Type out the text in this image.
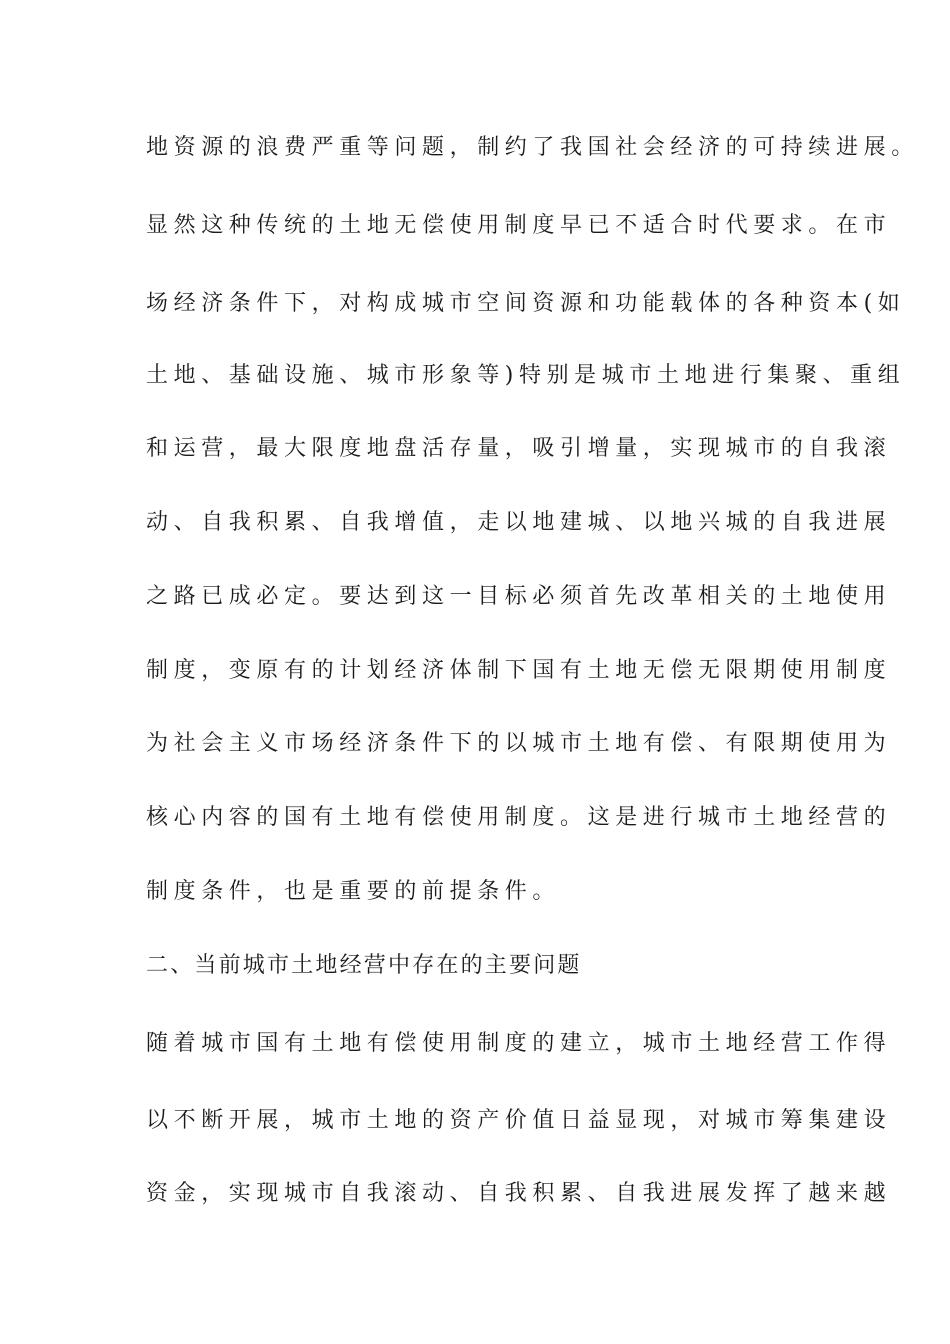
地资源的浪费严重等问题，制约了我国社会经济的可持续进展。
显然这种传统的土地无偿使用制度早已不适合时代要求。在市
场经济条件下，对构成城市空间资源和功能载体的各种资本(如
土地、基础设施、城市形象等)特别是城市土地进行集聚、重组
和运营，最大限度地盘活存量，吸引增量，实现城市的自我滚
动、自我积累、自我增值，走以地建城、以地兴城的自我进展
之路已成必定。要达到这一目标必须首先改革相关的土地使用
制度，变原有的计划经济体制下国有土地无偿无限期使用制度
为社会主义市场经济条件下的以城市土地有偿、有限期使用为
核心内容的国有土地有偿使用制度。这是进行城市土地经营的
制度条件，也是重要的前提条件。
二、当前城市土地经营中存在的主要问题
随着城市国有土地有偿使用制度的建立，城市土地经营工作得
以不断开展，城市土地的资产价值日益显现，对城市筹集建设
资金，实现城市自我滚动、自我积累、自我进展发挥了越来越
